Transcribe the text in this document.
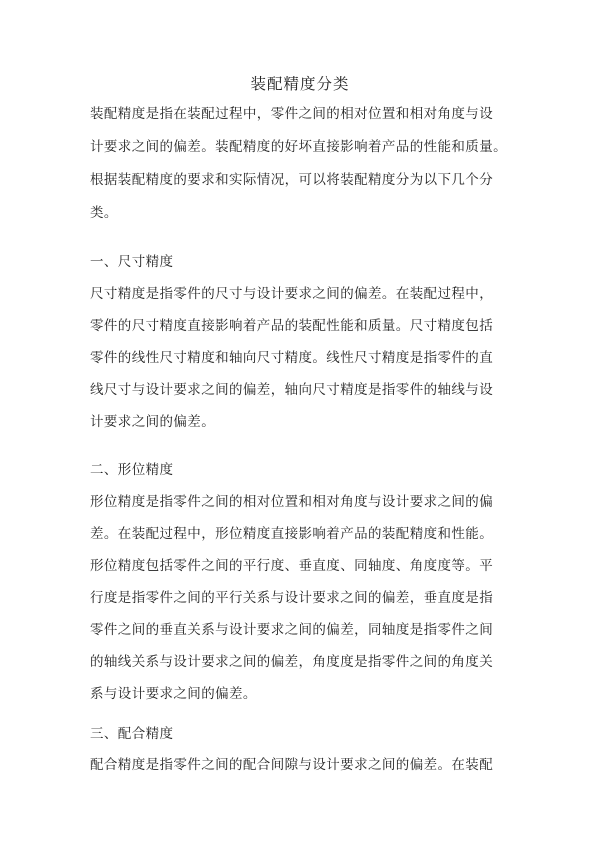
装配精度分类
装配精度是指在装配过程中，零件之间的相对位置和相对角度与设
计要求之间的偏差。装配精度的好坏直接影响着产品的性能和质量。
根据装配精度的要求和实际情况，可以将装配精度分为以下几个分
类。
一、尺寸精度
尺寸精度是指零件的尺寸与设计要求之间的偏差。在装配过程中，
零件的尺寸精度直接影响着产品的装配性能和质量。尺寸精度包括
零件的线性尺寸精度和轴向尺寸精度。线性尺寸精度是指零件的直
线尺寸与设计要求之间的偏差，轴向尺寸精度是指零件的轴线与设
计要求之间的偏差。
二、形位精度
形位精度是指零件之间的相对位置和相对角度与设计要求之间的偏
差。在装配过程中，形位精度直接影响着产品的装配精度和性能。
形位精度包括零件之间的平行度、垂直度、同轴度、角度度等。平
行度是指零件之间的平行关系与设计要求之间的偏差，垂直度是指
零件之间的垂直关系与设计要求之间的偏差，同轴度是指零件之间
的轴线关系与设计要求之间的偏差，角度度是指零件之间的角度关
系与设计要求之间的偏差。
三、配合精度
配合精度是指零件之间的配合间隙与设计要求之间的偏差。在装配
